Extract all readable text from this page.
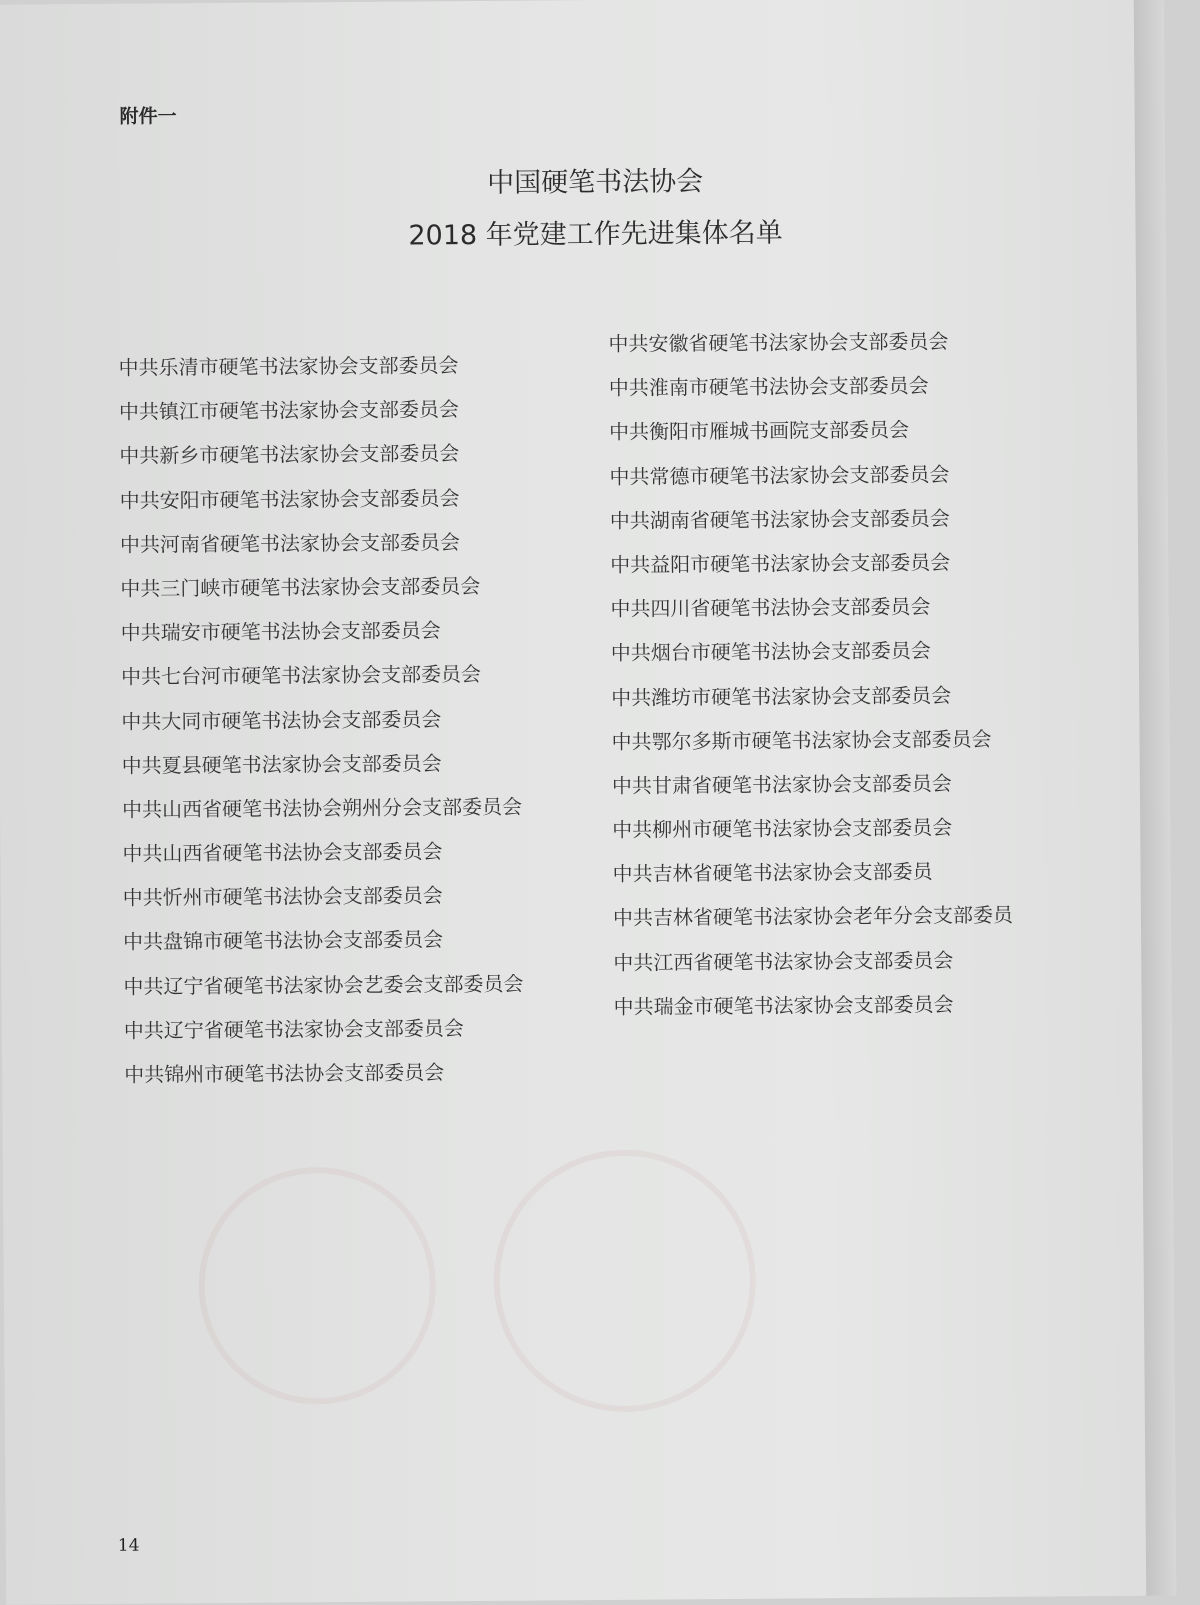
附件一
中国硬笔书法协会
2018 年党建工作先进集体名单
中共乐清市硬笔书法家协会支部委员会
中共镇江市硬笔书法家协会支部委员会
中共新乡市硬笔书法家协会支部委员会
中共安阳市硬笔书法家协会支部委员会
中共河南省硬笔书法家协会支部委员会
中共三门峡市硬笔书法家协会支部委员会
中共瑞安市硬笔书法协会支部委员会
中共七台河市硬笔书法家协会支部委员会
中共大同市硬笔书法协会支部委员会
中共夏县硬笔书法家协会支部委员会
中共山西省硬笔书法协会朔州分会支部委员会
中共山西省硬笔书法协会支部委员会
中共忻州市硬笔书法协会支部委员会
中共盘锦市硬笔书法协会支部委员会
中共辽宁省硬笔书法家协会艺委会支部委员会
中共辽宁省硬笔书法家协会支部委员会
中共锦州市硬笔书法协会支部委员会
中共安徽省硬笔书法家协会支部委员会
中共淮南市硬笔书法协会支部委员会
中共衡阳市雁城书画院支部委员会
中共常德市硬笔书法家协会支部委员会
中共湖南省硬笔书法家协会支部委员会
中共益阳市硬笔书法家协会支部委员会
中共四川省硬笔书法协会支部委员会
中共烟台市硬笔书法协会支部委员会
中共潍坊市硬笔书法家协会支部委员会
中共鄂尔多斯市硬笔书法家协会支部委员会
中共甘肃省硬笔书法家协会支部委员会
中共柳州市硬笔书法家协会支部委员会
中共吉林省硬笔书法家协会支部委员
中共吉林省硬笔书法家协会老年分会支部委员
中共江西省硬笔书法家协会支部委员会
中共瑞金市硬笔书法家协会支部委员会
14
